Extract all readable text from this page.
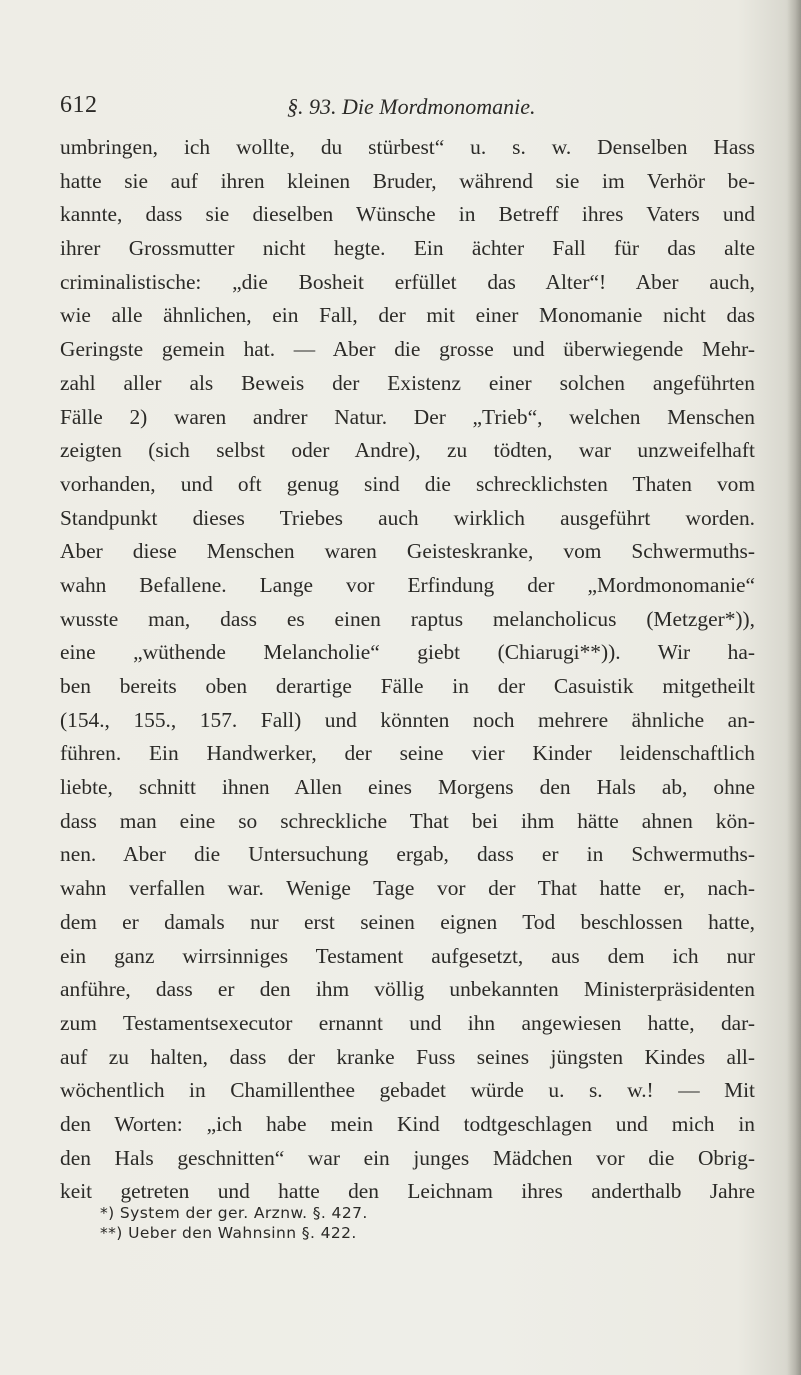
612	§. 93. Die Mordmonomanie.
umbringen, ich wollte, du stürbest“ u. s. w. Denselben Hass
hatte sie auf ihren kleinen Bruder, während sie im Verhör be-
kannte, dass sie dieselben Wünsche in Betreff ihres Vaters und
ihrer Grossmutter nicht hegte. Ein ächter Fall für das alte
criminalistische: „die Bosheit erfüllet das Alter“! Aber auch,
wie alle ähnlichen, ein Fall, der mit einer Monomanie nicht das
Geringste gemein hat. — Aber die grosse und überwiegende Mehr-
zahl aller als Beweis der Existenz einer solchen angeführten
Fälle 2) waren andrer Natur. Der „Trieb“, welchen Menschen
zeigten (sich selbst oder Andre), zu tödten, war unzweifelhaft
vorhanden, und oft genug sind die schrecklichsten Thaten vom
Standpunkt dieses Triebes auch wirklich ausgeführt worden.
Aber diese Menschen waren Geisteskranke, vom Schwermuths-
wahn Befallene. Lange vor Erfindung der „Mordmonomanie“
wusste man, dass es einen raptus melancholicus (Metzger*)),
eine „wüthende Melancholie“ giebt (Chiarugi**)). Wir ha-
ben bereits oben derartige Fälle in der Casuistik mitgetheilt
(154., 155., 157. Fall) und könnten noch mehrere ähnliche an-
führen. Ein Handwerker, der seine vier Kinder leidenschaftlich
liebte, schnitt ihnen Allen eines Morgens den Hals ab, ohne
dass man eine so schreckliche That bei ihm hätte ahnen kön-
nen. Aber die Untersuchung ergab, dass er in Schwermuths-
wahn verfallen war. Wenige Tage vor der That hatte er, nach-
dem er damals nur erst seinen eignen Tod beschlossen hatte,
ein ganz wirrsinniges Testament aufgesetzt, aus dem ich nur
anführe, dass er den ihm völlig unbekannten Ministerpräsidenten
zum Testamentsexecutor ernannt und ihn angewiesen hatte, dar-
auf zu halten, dass der kranke Fuss seines jüngsten Kindes all-
wöchentlich in Chamillenthee gebadet würde u. s. w.! — Mit
den Worten: „ich habe mein Kind todtgeschlagen und mich in
den Hals geschnitten“ war ein junges Mädchen vor die Obrig-
keit getreten und hatte den Leichnam ihres anderthalb Jahre
*) System der ger. Arznw. §. 427.
**) Ueber den Wahnsinn §. 422.
